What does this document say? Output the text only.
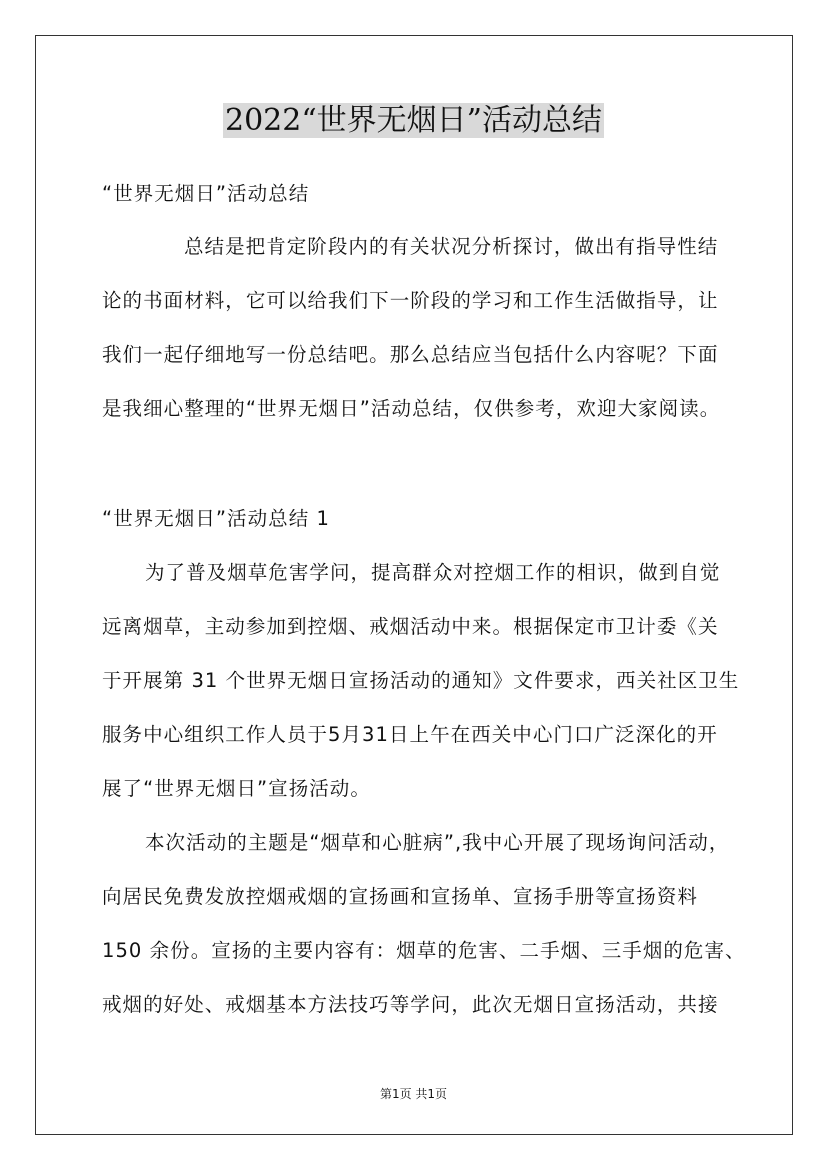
2022“世界无烟日”活动总结
“世界无烟日”活动总结
总结是把肯定阶段内的有关状况分析探讨，做出有指导性结
论的书面材料，它可以给我们下一阶段的学习和工作生活做指导，让
我们一起仔细地写一份总结吧。那么总结应当包括什么内容呢？下面
是我细心整理的“世界无烟日”活动总结，仅供参考，欢迎大家阅读。
“世界无烟日”活动总结 1
为了普及烟草危害学问，提高群众对控烟工作的相识，做到自觉
远离烟草，主动参加到控烟、戒烟活动中来。根据保定市卫计委《关
于开展第 31 个世界无烟日宣扬活动的通知》文件要求，西关社区卫生
服务中心组织工作人员于5月31日上午在西关中心门口广泛深化的开
展了“世界无烟日”宣扬活动。
本次活动的主题是“烟草和心脏病”,我中心开展了现场询问活动，
向居民免费发放控烟戒烟的宣扬画和宣扬单、宣扬手册等宣扬资料
150 余份。宣扬的主要内容有：烟草的危害、二手烟、三手烟的危害、
戒烟的好处、戒烟基本方法技巧等学问，此次无烟日宣扬活动，共接
第1页 共1页
